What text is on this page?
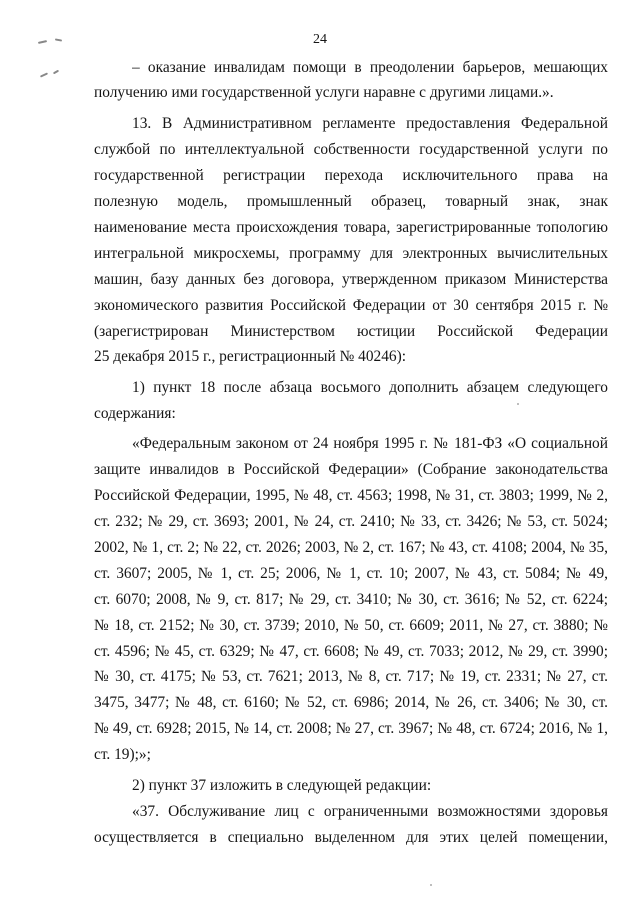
24
– оказание инвалидам помощи в преодолении барьеров, мешающих
получению ими государственной услуги наравне с другими лицами.».
13. В Административном регламенте предоставления Федеральной
службой по интеллектуальной собственности государственной услуги по
государственной регистрации перехода исключительного права на
полезную модель, промышленный образец, товарный знак, знак
наименование места происхождения товара, зарегистрированные топологию
интегральной микросхемы, программу для электронных вычислительных
машин, базу данных без договора, утвержденном приказом Министерства
экономического развития Российской Федерации от 30 сентября 2015 г. №
(зарегистрирован Министерством юстиции Российской Федерации
25 декабря 2015 г., регистрационный № 40246):
1) пункт 18 после абзаца восьмого дополнить абзацем следующего
содержания:
«Федеральным законом от 24 ноября 1995 г. № 181-ФЗ «О социальной
защите инвалидов в Российской Федерации» (Собрание законодательства
Российской Федерации, 1995, № 48, ст. 4563; 1998, № 31, ст. 3803; 1999, № 2,
ст. 232; № 29, ст. 3693; 2001, № 24, ст. 2410; № 33, ст. 3426; № 53, ст. 5024;
2002, № 1, ст. 2; № 22, ст. 2026; 2003, № 2, ст. 167; № 43, ст. 4108; 2004, № 35,
ст. 3607; 2005, № 1, ст. 25; 2006, № 1, ст. 10; 2007, № 43, ст. 5084; № 49,
ст. 6070; 2008, № 9, ст. 817; № 29, ст. 3410; № 30, ст. 3616; № 52, ст. 6224;
№ 18, ст. 2152; № 30, ст. 3739; 2010, № 50, ст. 6609; 2011, № 27, ст. 3880; №
ст. 4596; № 45, ст. 6329; № 47, ст. 6608; № 49, ст. 7033; 2012, № 29, ст. 3990;
№ 30, ст. 4175; № 53, ст. 7621; 2013, № 8, ст. 717; № 19, ст. 2331; № 27, ст.
3475, 3477; № 48, ст. 6160; № 52, ст. 6986; 2014, № 26, ст. 3406; № 30, ст.
№ 49, ст. 6928; 2015, № 14, ст. 2008; № 27, ст. 3967; № 48, ст. 6724; 2016, № 1,
ст. 19);»;
2) пункт 37 изложить в следующей редакции:
«37. Обслуживание лиц с ограниченными возможностями здоровья
осуществляется в специально выделенном для этих целей помещении,
